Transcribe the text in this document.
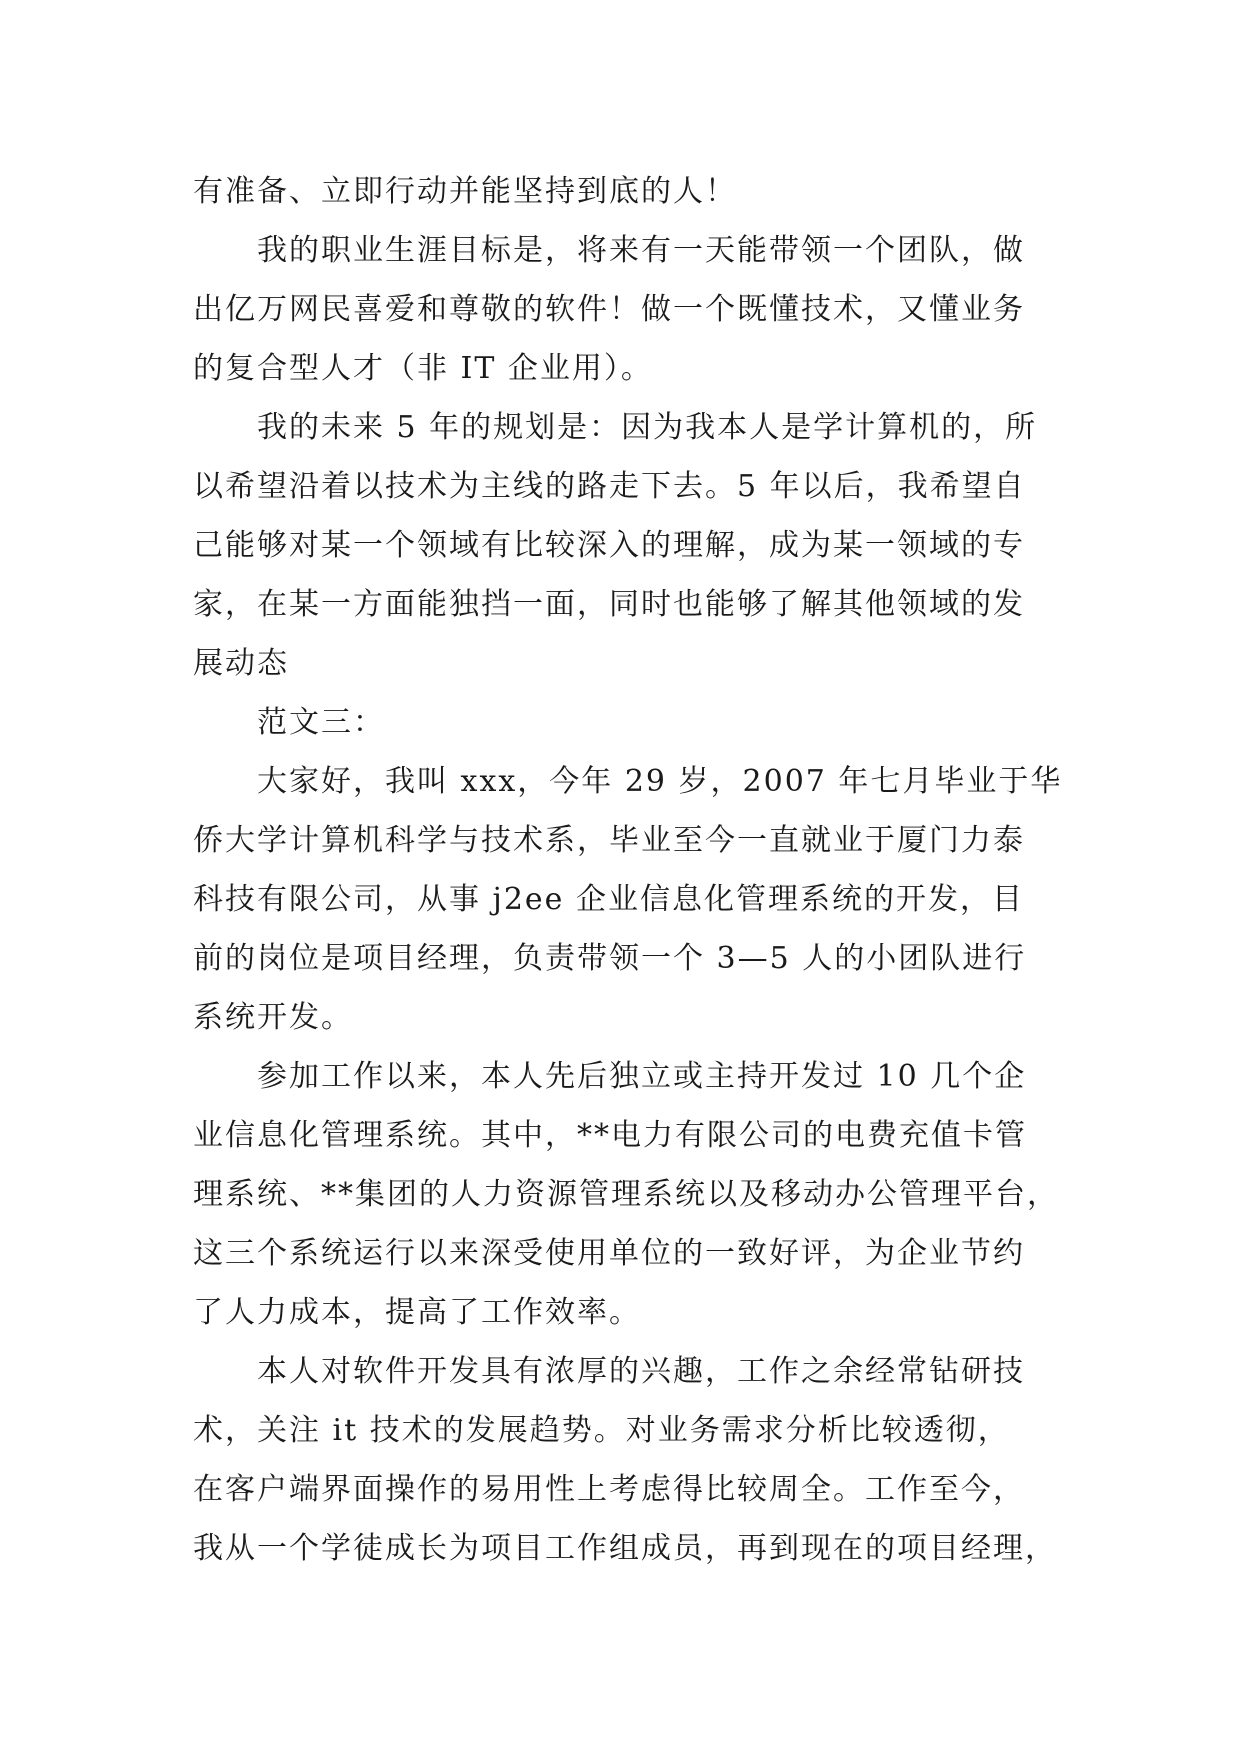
有准备、立即行动并能坚持到底的人！
我的职业生涯目标是，将来有一天能带领一个团队，做
出亿万网民喜爱和尊敬的软件！做一个既懂技术，又懂业务
的复合型人才（非 IT 企业用）。
我的未来 5 年的规划是：因为我本人是学计算机的，所
以希望沿着以技术为主线的路走下去。5 年以后，我希望自
己能够对某一个领域有比较深入的理解，成为某一领域的专
家，在某一方面能独挡一面，同时也能够了解其他领域的发
展动态
范文三：
大家好，我叫 xxx，今年 29 岁，2007 年七月毕业于华
侨大学计算机科学与技术系，毕业至今一直就业于厦门力泰
科技有限公司，从事 j2ee 企业信息化管理系统的开发，目
前的岗位是项目经理，负责带领一个 3—5 人的小团队进行
系统开发。
参加工作以来，本人先后独立或主持开发过 10 几个企
业信息化管理系统。其中，**电力有限公司的电费充值卡管
理系统、**集团的人力资源管理系统以及移动办公管理平台，
这三个系统运行以来深受使用单位的一致好评，为企业节约
了人力成本，提高了工作效率。
本人对软件开发具有浓厚的兴趣，工作之余经常钻研技
术，关注 it 技术的发展趋势。对业务需求分析比较透彻，
在客户端界面操作的易用性上考虑得比较周全。工作至今，
我从一个学徒成长为项目工作组成员，再到现在的项目经理，
